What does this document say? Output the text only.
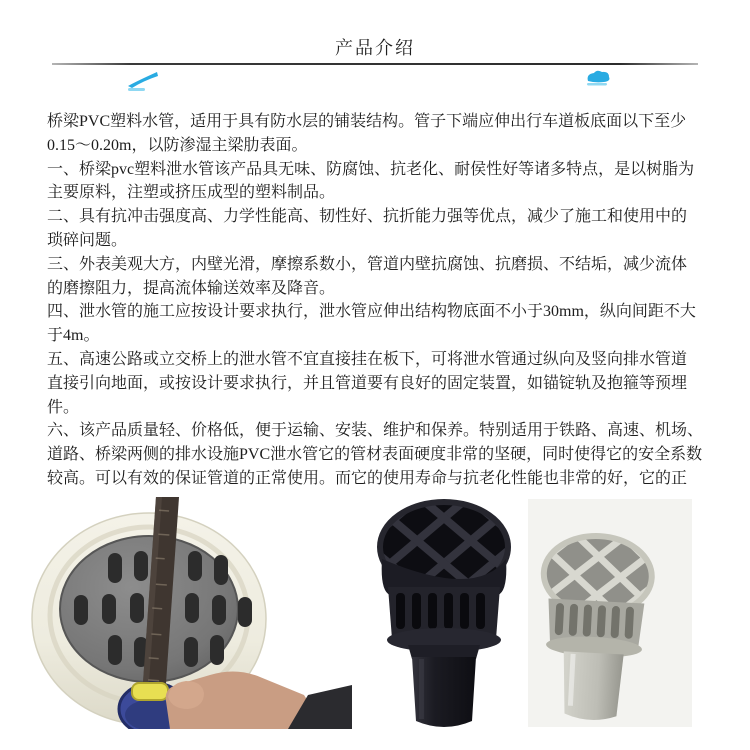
产品介绍
桥梁PVC塑料水管，适用于具有防水层的铺装结构。管子下端应伸出行车道板底面以下至少
0.15～0.20m，以防渗湿主梁肋表面。
一、桥梁pvc塑料泄水管该产品具无味、防腐蚀、抗老化、耐侯性好等诸多特点，是以树脂为
主要原料，注塑或挤压成型的塑料制品。
二、具有抗冲击强度高、力学性能高、韧性好、抗折能力强等优点，减少了施工和使用中的
琐碎问题。
三、外表美观大方，内壁光滑，摩擦系数小，管道内壁抗腐蚀、抗磨损、不结垢，减少流体
的磨擦阻力，提高流体输送效率及降音。
四、泄水管的施工应按设计要求执行，泄水管应伸出结构物底面不小于30mm，纵向间距不大
于4m。
五、高速公路或立交桥上的泄水管不宜直接挂在板下，可将泄水管通过纵向及竖向排水管道
直接引向地面，或按设计要求执行，并且管道要有良好的固定装置，如锚锭轨及抱箍等预埋
件。
六、该产品质量轻、价格低，便于运输、安装、维护和保养。特别适用于铁路、高速、机场、
道路、桥梁两侧的排水设施PVC泄水管它的管材表面硬度非常的坚硬，同时使得它的安全系数
较高。可以有效的保证管道的正常使用。而它的使用寿命与抗老化性能也非常的好，它的正
